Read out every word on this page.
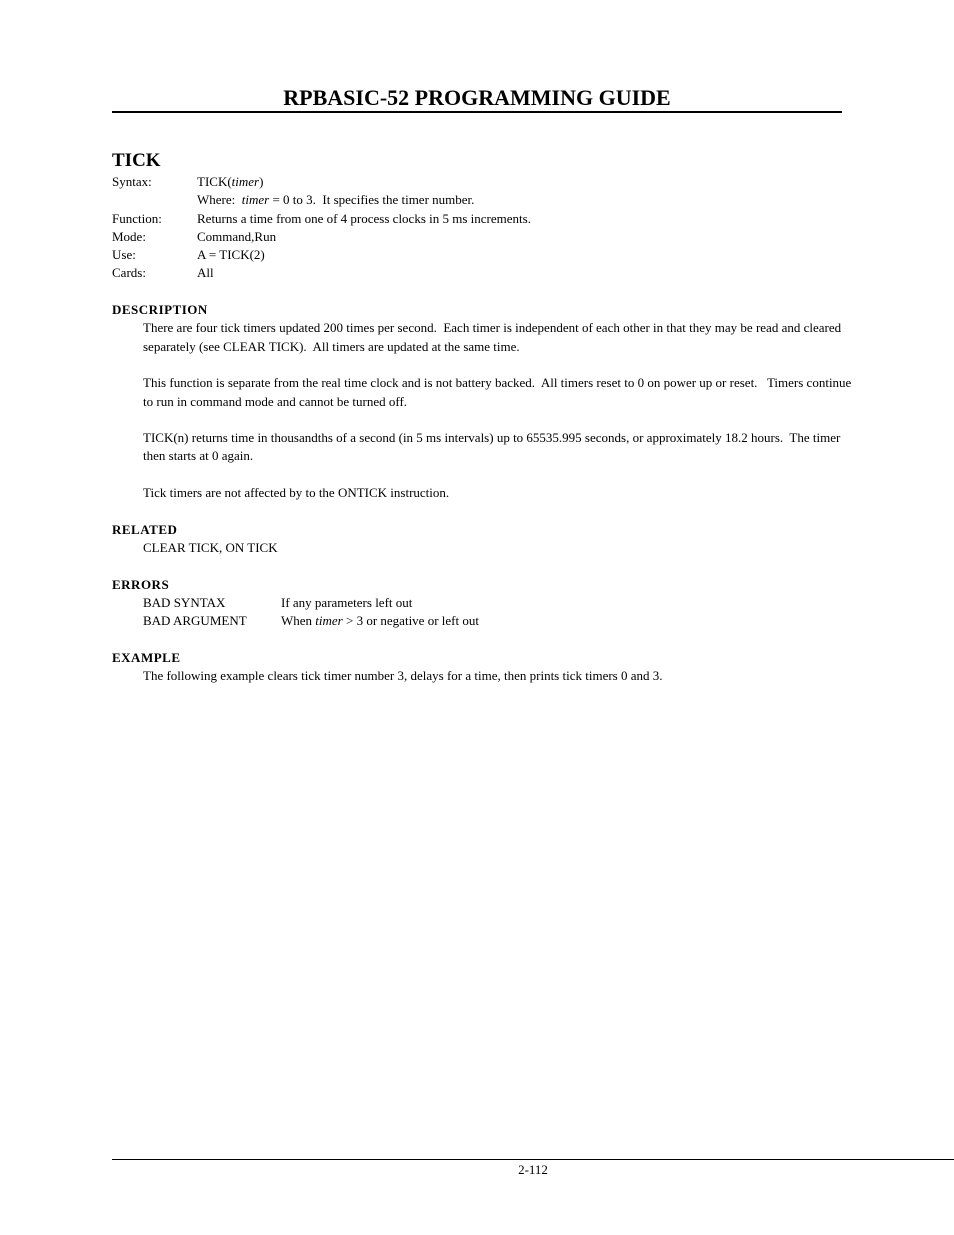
RPBASIC-52 PROGRAMMING GUIDE
TICK
Syntax:	TICK(timer)
Where:  timer = 0 to 3.  It specifies the timer number.
Function:	Returns a time from one of 4 process clocks in 5 ms increments.
Mode:	Command,Run
Use:	A = TICK(2)
Cards:	All
DESCRIPTION

There are four tick timers updated 200 times per second.  Each timer is independent of each other in that they may be read and cleared separately (see CLEAR TICK).  All timers are updated at the same time.

This function is separate from the real time clock and is not battery backed.  All timers reset to 0 on power up or reset.   Timers continue to run in command mode and cannot be turned off.

TICK(n) returns time in thousandths of a second (in 5 ms intervals) up to 65535.995 seconds, or approximately 18.2 hours.  The timer then starts at 0 again.

Tick timers are not affected by to the ONTICK instruction.

RELATED
CLEAR TICK, ON TICK
ERRORS
BAD SYNTAX	If any parameters left out
BAD ARGUMENT	When timer > 3 or negative or left out
EXAMPLE
The following example clears tick timer number 3, delays for a time, then prints tick timers 0 and 3.
2-112
